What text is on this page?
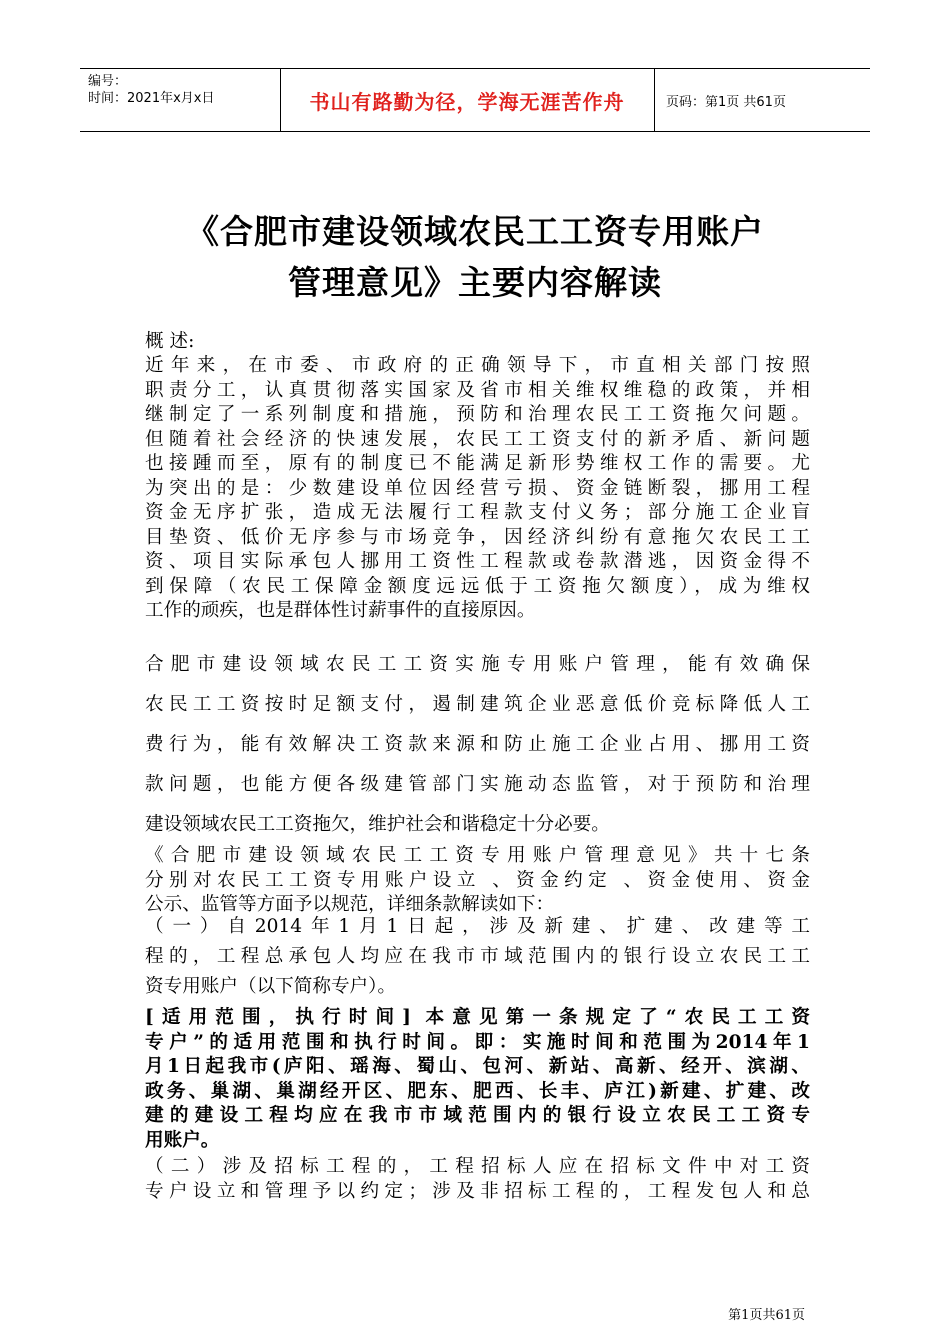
编号：
时间：2021年x月x日	书山有路勤为径，学海无涯苦作舟	页码：第1页 共61页
《合肥市建设领域农民工工资专用账户
管理意见》主要内容解读
概 述:
近年来，在市委、市政府的正确领导下，市直相关部门按照
职责分工，认真贯彻落实国家及省市相关维权维稳的政策，并相
继制定了一系列制度和措施，预防和治理农民工工资拖欠问题。
但随着社会经济的快速发展，农民工工资支付的新矛盾、新问题
也接踵而至，原有的制度已不能满足新形势维权工作的需要。尤
为突出的是：少数建设单位因经营亏损、资金链断裂，挪用工程
资金无序扩张，造成无法履行工程款支付义务；部分施工企业盲
目垫资、低价无序参与市场竞争，因经济纠纷有意拖欠农民工工
资、项目实际承包人挪用工资性工程款或卷款潜逃，因资金得不
到保障（农民工保障金额度远远低于工资拖欠额度），成为维权
工作的顽疾，也是群体性讨薪事件的直接原因。
合肥市建设领域农民工工资实施专用账户管理，能有效确保
农民工工资按时足额支付，遏制建筑企业恶意低价竞标降低人工
费行为，能有效解决工资款来源和防止施工企业占用、挪用工资
款问题，也能方便各级建管部门实施动态监管，对于预防和治理
建设领域农民工工资拖欠，维护社会和谐稳定十分必要。
《合肥市建设领域农民工工资专用账户管理意见》共十七条
分别对农民工工资专用账户设立 、资金约定 、资金使用、资金
公示、监管等方面予以规范，详细条款解读如下：
（一）自2014年1月1日起，涉及新建、扩建、改建等工
程的，工程总承包人均应在我市市域范围内的银行设立农民工工
资专用账户（以下简称专户）。
[适用范围，执行时间] 本意见第一条规定了“农民工工资
专户”的适用范围和执行时间。即：实施时间和范围为2014年1
月1日起我市(庐阳、瑶海、蜀山、包河、新站、高新、经开、滨湖、
政务、巢湖、巢湖经开区、肥东、肥西、长丰、庐江)新建、扩建、改
建的建设工程均应在我市市域范围内的银行设立农民工工资专
用账户。
（二）涉及招标工程的，工程招标人应在招标文件中对工资
专户设立和管理予以约定；涉及非招标工程的，工程发包人和总
第1页共61页
